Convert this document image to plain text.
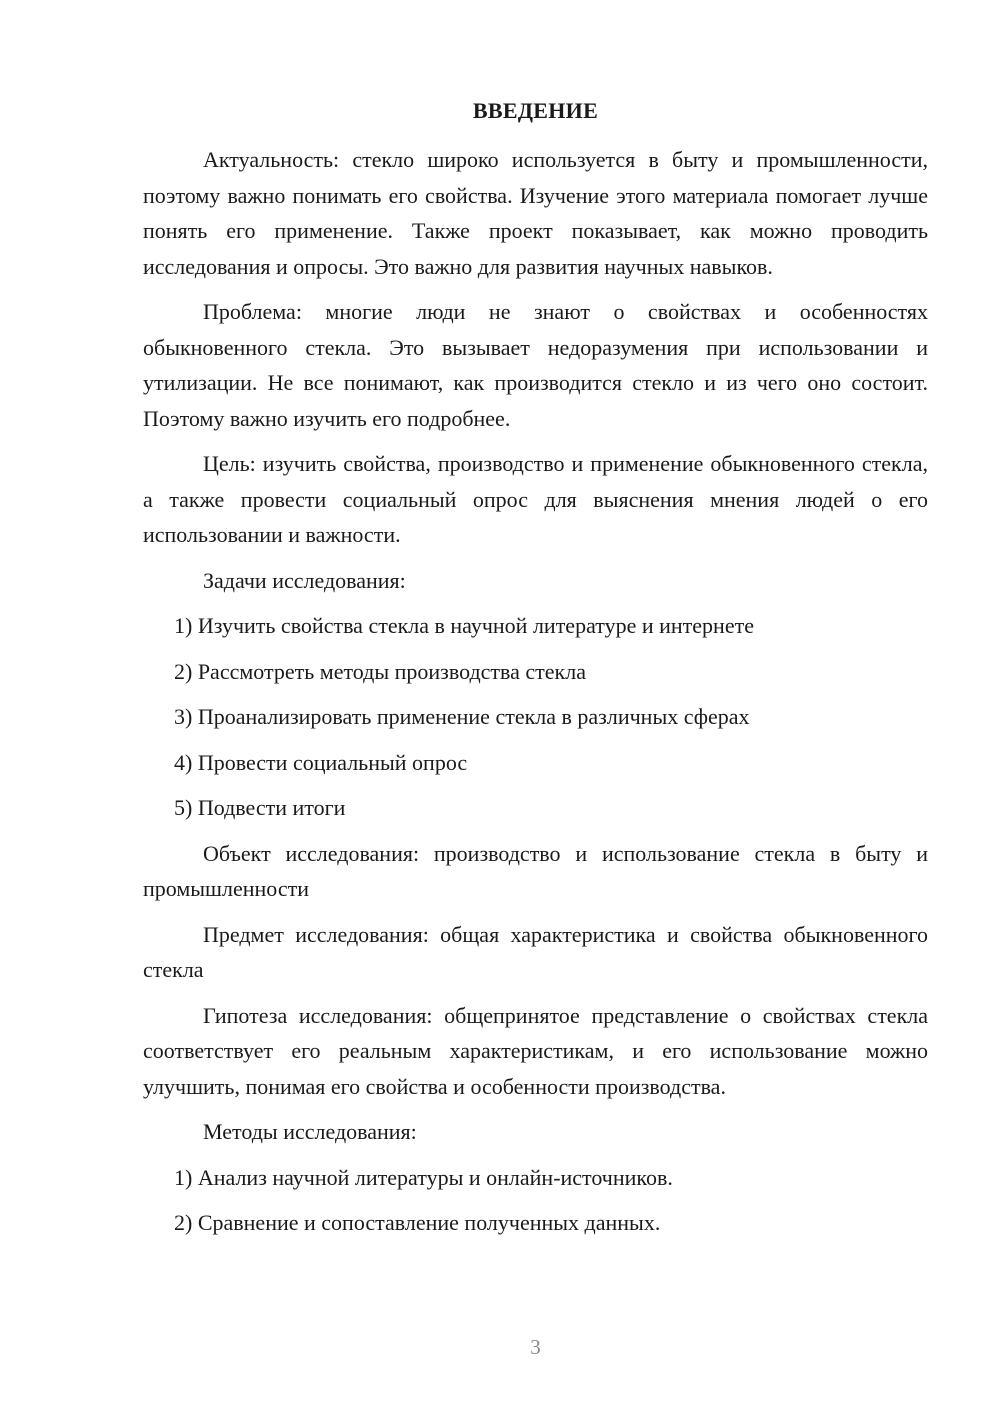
ВВЕДЕНИЕ

Актуальность: стекло широко используется в быту и промышленности, поэтому важно понимать его свойства. Изучение этого материала помогает лучше понять его применение. Также проект показывает, как можно проводить исследования и опросы. Это важно для развития научных навыков.

Проблема: многие люди не знают о свойствах и особенностях обыкновенного стекла. Это вызывает недоразумения при использовании и утилизации. Не все понимают, как производится стекло и из чего оно состоит. Поэтому важно изучить его подробнее.

Цель: изучить свойства, производство и применение обыкновенного стекла, а также провести социальный опрос для выяснения мнения людей о его использовании и важности.

Задачи исследования:

1) Изучить свойства стекла в научной литературе и интернете

2) Рассмотреть методы производства стекла

3) Проанализировать применение стекла в различных сферах

4) Провести социальный опрос

5) Подвести итоги

Объект исследования: производство и использование стекла в быту и промышленности

Предмет исследования: общая характеристика и свойства обыкновенного стекла

Гипотеза исследования: общепринятое представление о свойствах стекла соответствует его реальным характеристикам, и его использование можно улучшить, понимая его свойства и особенности производства.

Методы исследования:

1) Анализ научной литературы и онлайн-источников.

2) Сравнение и сопоставление полученных данных.

3
